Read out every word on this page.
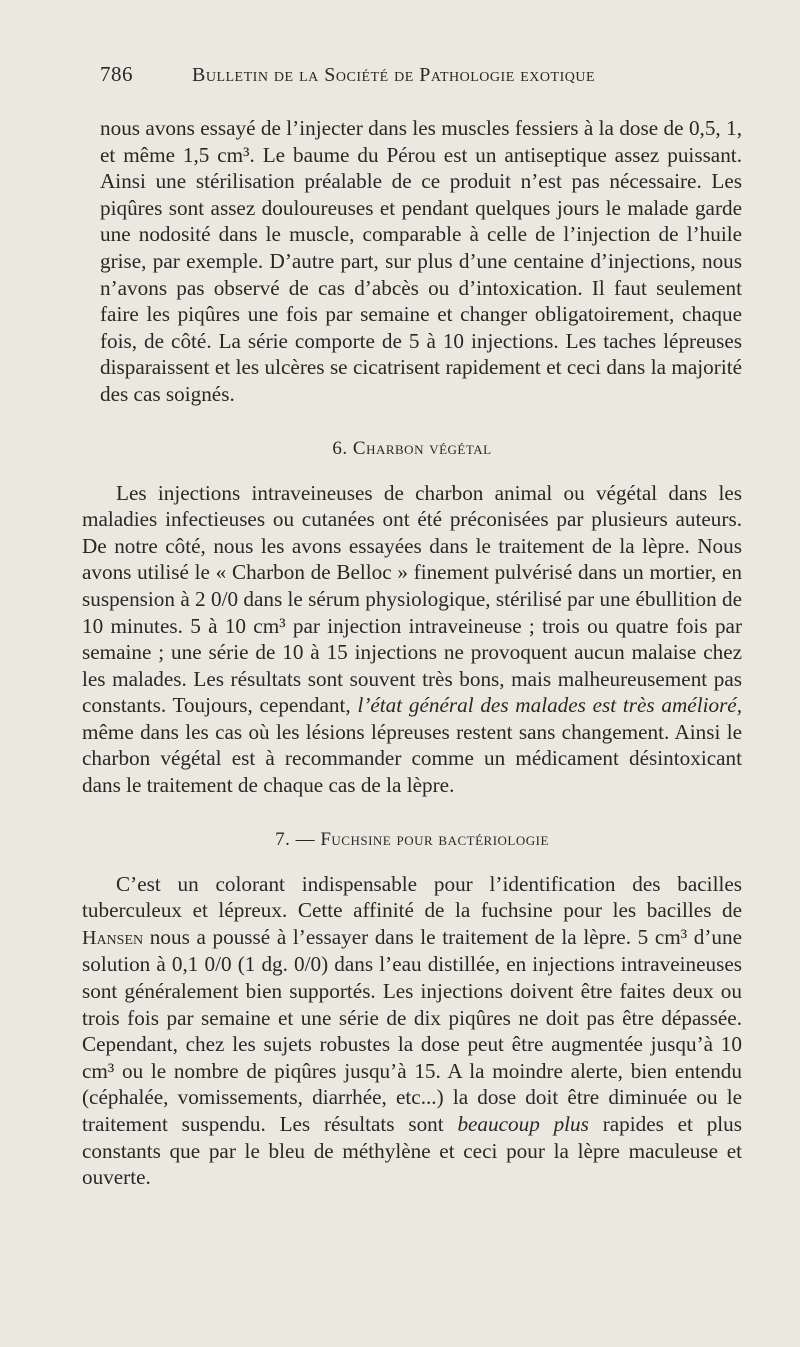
786	Bulletin de la Société de Pathologie exotique

nous avons essayé de l’injecter dans les muscles fessiers à la dose de 0,5, 1, et même 1,5 cm³. Le baume du Pérou est un antiseptique assez puissant. Ainsi une stérilisation préalable de ce produit n’est pas nécessaire. Les piqûres sont assez douloureuses et pendant quelques jours le malade garde une nodosité dans le muscle, comparable à celle de l’injection de l’huile grise, par exemple. D’autre part, sur plus d’une centaine d’injections, nous n’avons pas observé de cas d’abcès ou d’intoxication. Il faut seulement faire les piqûres une fois par semaine et changer obligatoirement, chaque fois, de côté. La série comporte de 5 à 10 injections. Les taches lépreuses disparaissent et les ulcères se cicatrisent rapidement et ceci dans la majorité des cas soignés.

6. Charbon végétal

Les injections intraveineuses de charbon animal ou végétal dans les maladies infectieuses ou cutanées ont été préconisées par plusieurs auteurs. De notre côté, nous les avons essayées dans le traitement de la lèpre. Nous avons utilisé le « Charbon de Belloc » finement pulvérisé dans un mortier, en suspension à 2 0/0 dans le sérum physiologique, stérilisé par une ébullition de 10 minutes. 5 à 10 cm³ par injection intraveineuse ; trois ou quatre fois par semaine ; une série de 10 à 15 injections ne provoquent aucun malaise chez les malades. Les résultats sont souvent très bons, mais malheureusement pas constants. Toujours, cependant, l’état général des malades est très amélioré, même dans les cas où les lésions lépreuses restent sans changement. Ainsi le charbon végétal est à recommander comme un médicament désintoxicant dans le traitement de chaque cas de la lèpre.

7. — Fuchsine pour bactériologie

C’est un colorant indispensable pour l’identification des bacilles tuberculeux et lépreux. Cette affinité de la fuchsine pour les bacilles de Hansen nous a poussé à l’essayer dans le traitement de la lèpre. 5 cm³ d’une solution à 0,1 0/0 (1 dg. 0/0) dans l’eau distillée, en injections intraveineuses sont généralement bien supportés. Les injections doivent être faites deux ou trois fois par semaine et une série de dix piqûres ne doit pas être dépassée. Cependant, chez les sujets robustes la dose peut être augmentée jusqu’à 10 cm³ ou le nombre de piqûres jusqu’à 15. A la moindre alerte, bien entendu (céphalée, vomissements, diarrhée, etc...) la dose doit être diminuée ou le traitement suspendu. Les résultats sont beaucoup plus rapides et plus constants que par le bleu de méthylène et ceci pour la lèpre maculeuse et ouverte.
